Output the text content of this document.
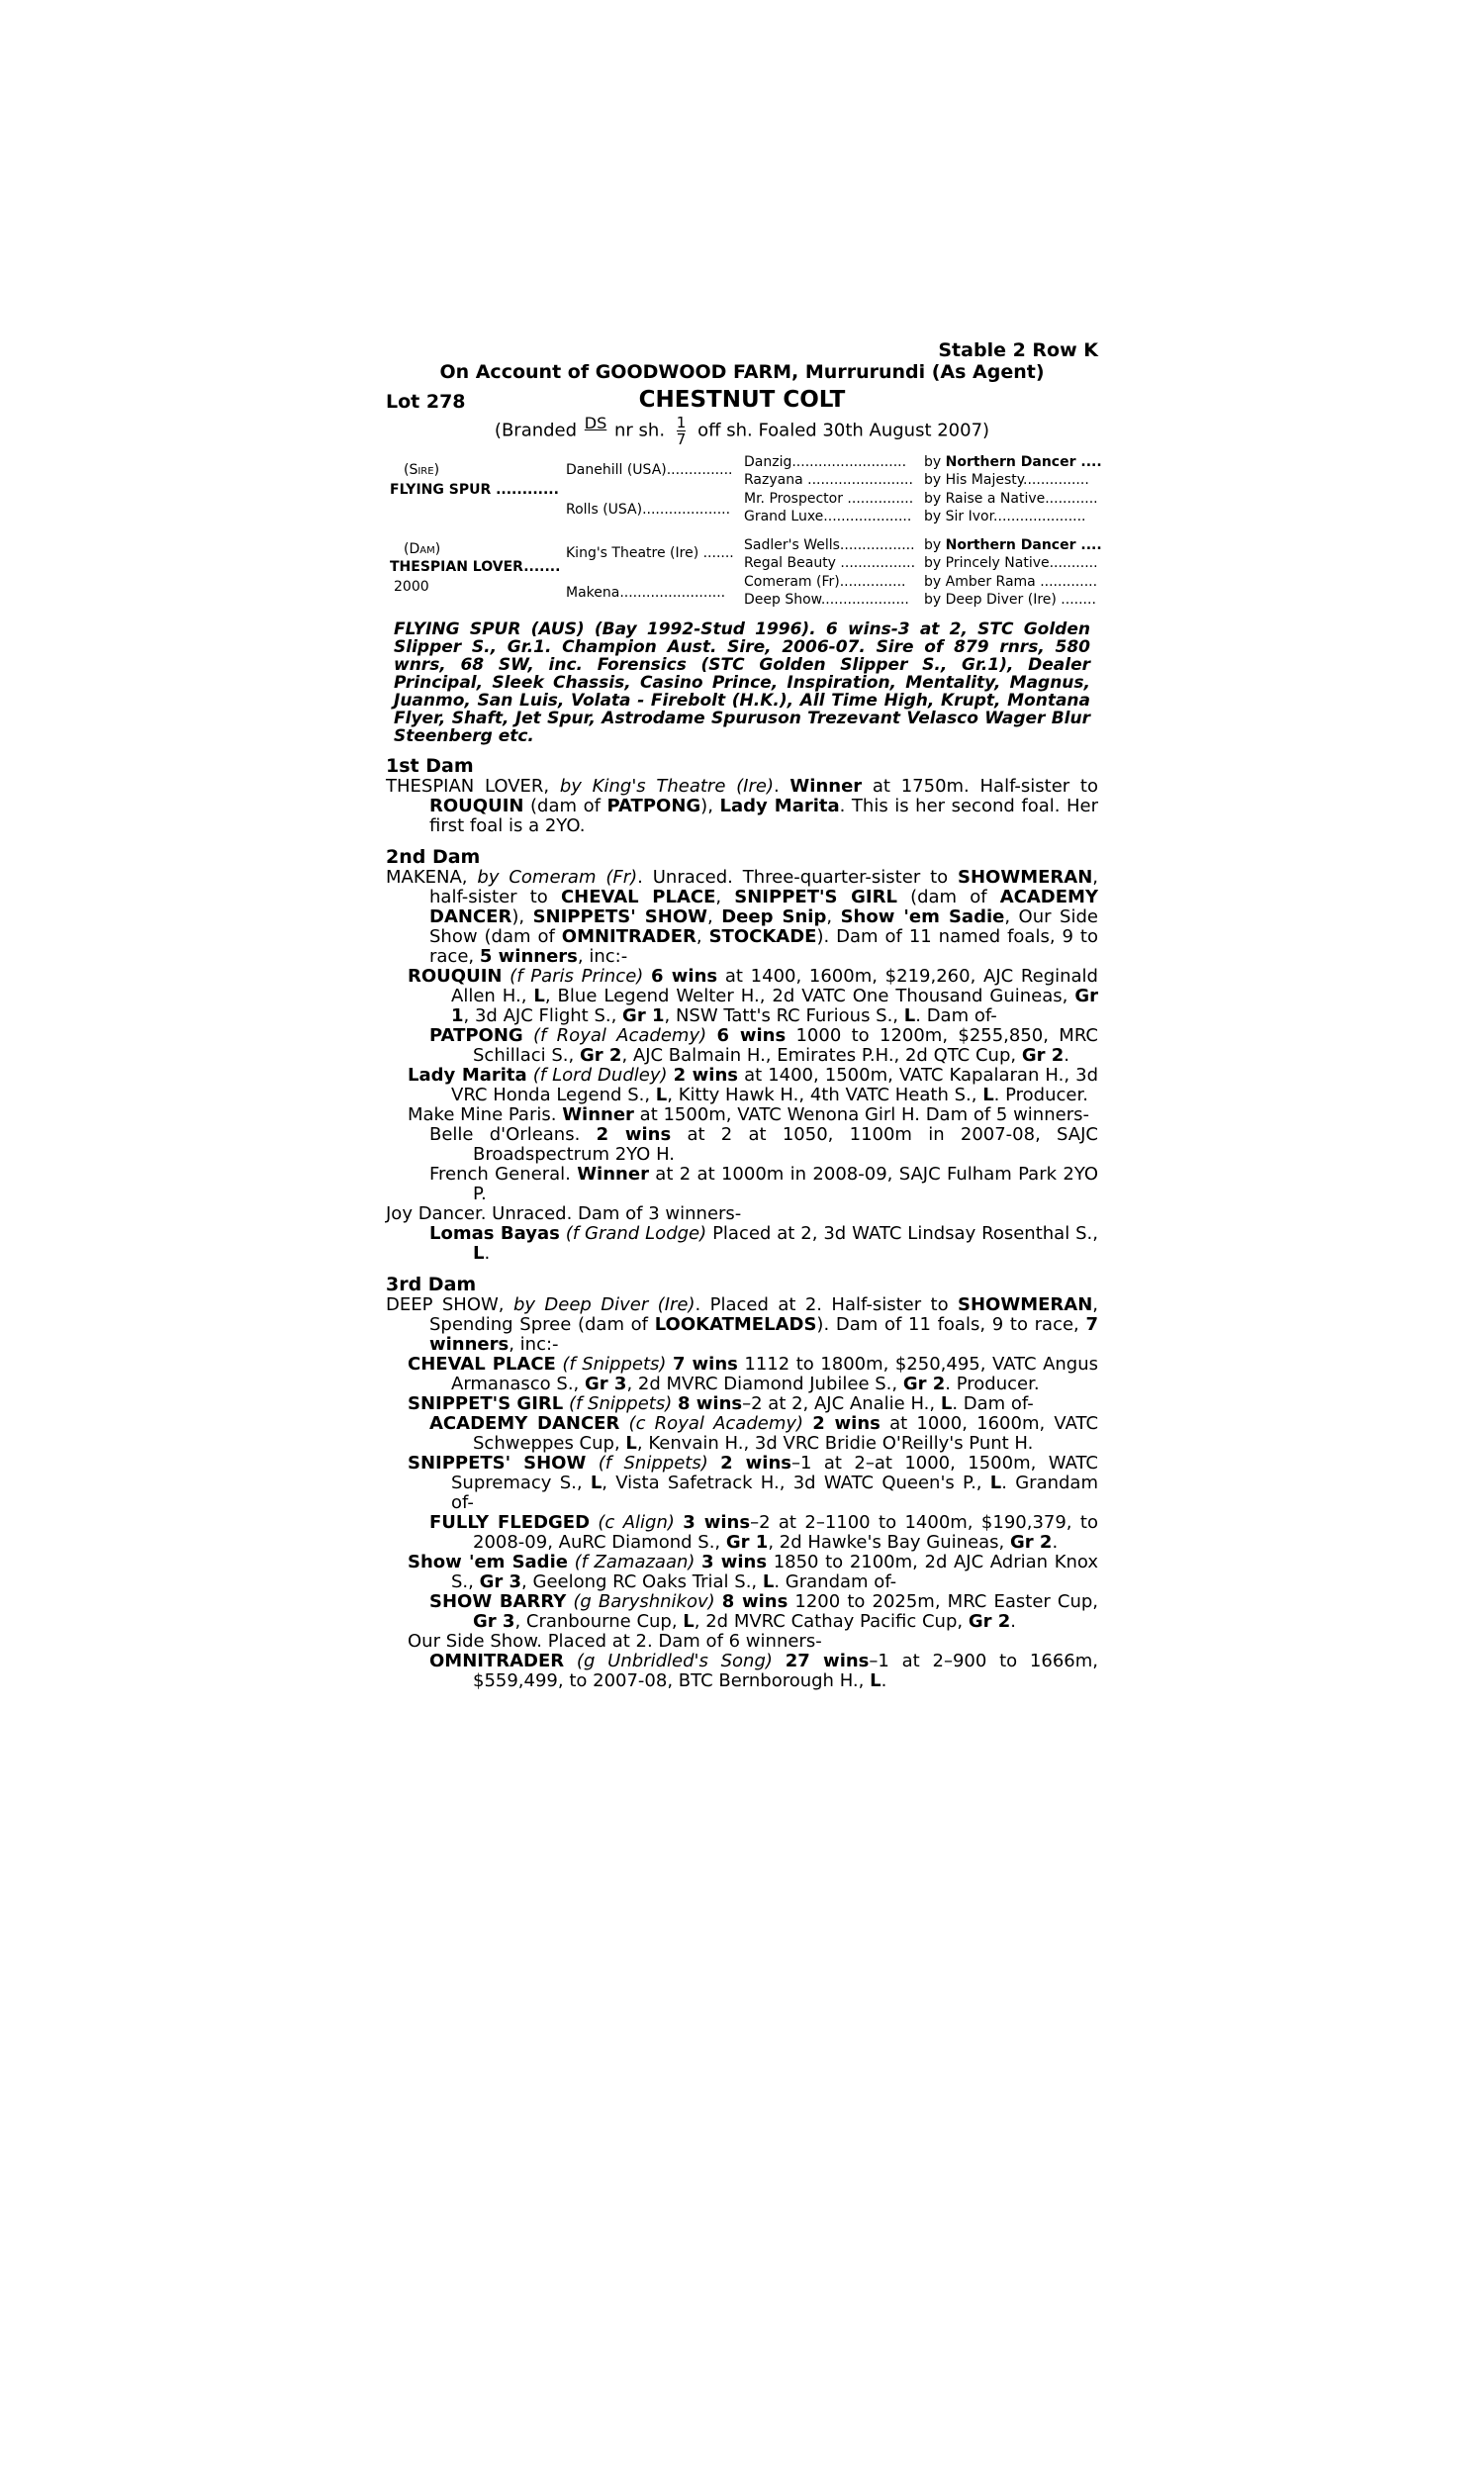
Stable 2 Row K
On Account of GOODWOOD FARM, Murrurundi (As Agent)
Lot 278	CHESTNUT COLT
(Branded DS nr sh. $\frac{1}{7}$ off sh. Foaled 30th August 2007)
(Sire)
FLYING SPUR ............
(Dam)
THESPIAN LOVER.......
2000
Danehill (USA)...............
Rolls (USA)....................
King's Theatre (Ire) .......
Makena........................
Danzig..........................
Razyana ........................
Mr. Prospector ...............
Grand Luxe....................
Sadler's Wells.................
Regal Beauty .................
Comeram (Fr)...............
Deep Show....................
by Northern Dancer ....
by His Majesty...............
by Raise a Native............
by Sir Ivor.....................
by Northern Dancer ....
by Princely Native...........
by Amber Rama .............
by Deep Diver (Ire) ........
FLYING SPUR (AUS) (Bay 1992-Stud 1996). 6 wins-3 at 2, STC Golden Slipper S., Gr.1. Champion Aust. Sire, 2006-07. Sire of 879 rnrs, 580 wnrs, 68 SW, inc. Forensics (STC Golden Slipper S., Gr.1), Dealer Principal, Sleek Chassis, Casino Prince, Inspiration, Mentality, Magnus, Juanmo, San Luis, Volata - Firebolt (H.K.), All Time High, Krupt, Montana Flyer, Shaft, Jet Spur, Astrodame Spuruson Trezevant Velasco Wager Blur Steenberg etc.
1st Dam
THESPIAN LOVER, by King's Theatre (Ire). Winner at 1750m. Half-sister to ROUQUIN (dam of PATPONG), Lady Marita. This is her second foal. Her first foal is a 2YO.
2nd Dam
MAKENA, by Comeram (Fr). Unraced. Three-quarter-sister to SHOWMERAN, half-sister to CHEVAL PLACE, SNIPPET'S GIRL (dam of ACADEMY DANCER), SNIPPETS' SHOW, Deep Snip, Show 'em Sadie, Our Side Show (dam of OMNITRADER, STOCKADE). Dam of 11 named foals, 9 to race, 5 winners, inc:-
ROUQUIN (f Paris Prince) 6 wins at 1400, 1600m, $219,260, AJC Reginald Allen H., L, Blue Legend Welter H., 2d VATC One Thousand Guineas, Gr 1, 3d AJC Flight S., Gr 1, NSW Tatt's RC Furious S., L. Dam of-
PATPONG (f Royal Academy) 6 wins 1000 to 1200m, $255,850, MRC Schillaci S., Gr 2, AJC Balmain H., Emirates P.H., 2d QTC Cup, Gr 2.
Lady Marita (f Lord Dudley) 2 wins at 1400, 1500m, VATC Kapalaran H., 3d VRC Honda Legend S., L, Kitty Hawk H., 4th VATC Heath S., L. Producer.
Make Mine Paris. Winner at 1500m, VATC Wenona Girl H. Dam of 5 winners-
Belle d'Orleans. 2 wins at 2 at 1050, 1100m in 2007-08, SAJC Broadspectrum 2YO H.
French General. Winner at 2 at 1000m in 2008-09, SAJC Fulham Park 2YO P.
Joy Dancer. Unraced. Dam of 3 winners-
Lomas Bayas (f Grand Lodge) Placed at 2, 3d WATC Lindsay Rosenthal S., L.
3rd Dam
DEEP SHOW, by Deep Diver (Ire). Placed at 2. Half-sister to SHOWMERAN, Spending Spree (dam of LOOKATMELADS). Dam of 11 foals, 9 to race, 7 winners, inc:-
CHEVAL PLACE (f Snippets) 7 wins 1112 to 1800m, $250,495, VATC Angus Armanasco S., Gr 3, 2d MVRC Diamond Jubilee S., Gr 2. Producer.
SNIPPET'S GIRL (f Snippets) 8 wins–2 at 2, AJC Analie H., L. Dam of-
ACADEMY DANCER (c Royal Academy) 2 wins at 1000, 1600m, VATC Schweppes Cup, L, Kenvain H., 3d VRC Bridie O'Reilly's Punt H.
SNIPPETS' SHOW (f Snippets) 2 wins–1 at 2–at 1000, 1500m, WATC Supremacy S., L, Vista Safetrack H., 3d WATC Queen's P., L. Grandam of-
FULLY FLEDGED (c Align) 3 wins–2 at 2–1100 to 1400m, $190,379, to 2008-09, AuRC Diamond S., Gr 1, 2d Hawke's Bay Guineas, Gr 2.
Show 'em Sadie (f Zamazaan) 3 wins 1850 to 2100m, 2d AJC Adrian Knox S., Gr 3, Geelong RC Oaks Trial S., L. Grandam of-
SHOW BARRY (g Baryshnikov) 8 wins 1200 to 2025m, MRC Easter Cup, Gr 3, Cranbourne Cup, L, 2d MVRC Cathay Pacific Cup, Gr 2.
Our Side Show. Placed at 2. Dam of 6 winners-
OMNITRADER (g Unbridled's Song) 27 wins–1 at 2–900 to 1666m, $559,499, to 2007-08, BTC Bernborough H., L.
